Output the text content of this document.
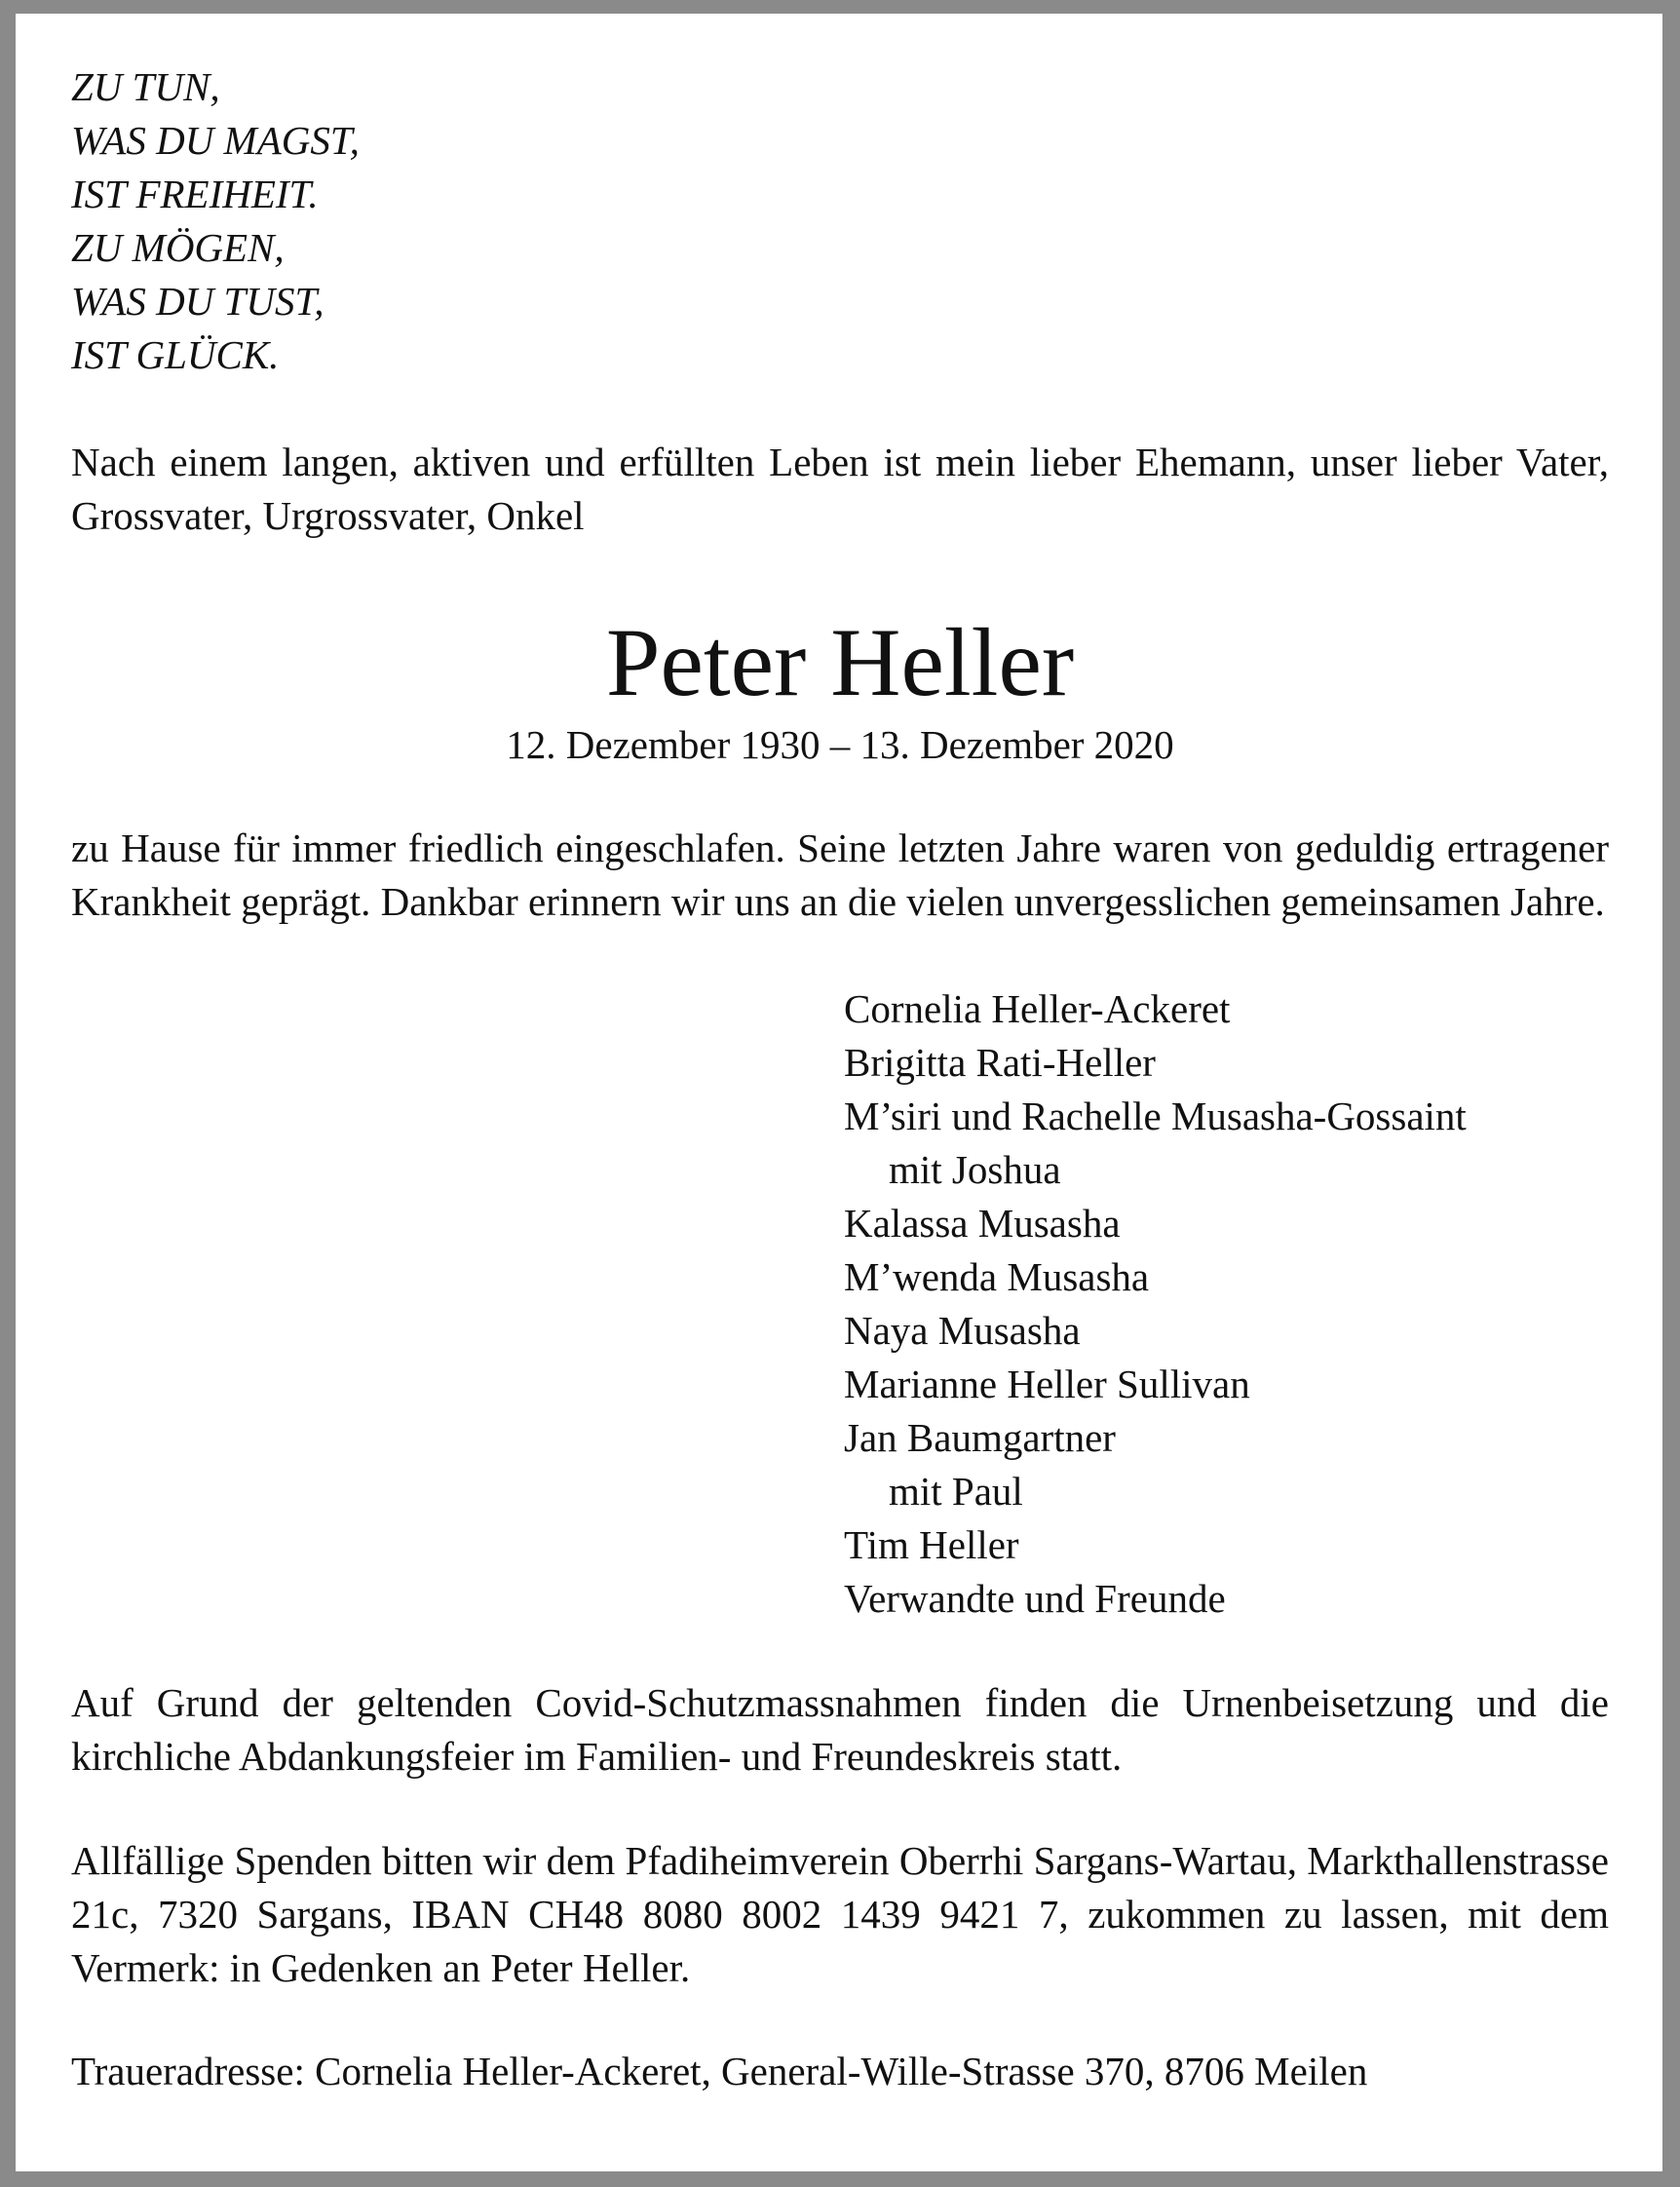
ZU TUN,
WAS DU MAGST,
IST FREIHEIT.
ZU MÖGEN,
WAS DU TUST,
IST GLÜCK.

Nach einem langen, aktiven und erfüllten Leben ist mein lieber Ehemann, unser lieber Vater, Grossvater, Urgrossvater, Onkel

Peter Heller
12. Dezember 1930 – 13. Dezember 2020

zu Hause für immer friedlich eingeschlafen. Seine letzten Jahre waren von geduldig ertragener Krankheit geprägt. Dankbar erinnern wir uns an die vielen unvergesslichen gemeinsamen Jahre.

Cornelia Heller-Ackeret
Brigitta Rati-Heller
M’siri und Rachelle Musasha-Gossaint
mit Joshua
Kalassa Musasha
M’wenda Musasha
Naya Musasha
Marianne Heller Sullivan
Jan Baumgartner
mit Paul
Tim Heller
Verwandte und Freunde

Auf Grund der geltenden Covid-Schutzmassnahmen finden die Urnenbeisetzung und die kirchliche Abdankungsfeier im Familien- und Freundeskreis statt.

Allfällige Spenden bitten wir dem Pfadiheimverein Oberrhi Sargans-Wartau, Markthallenstrasse 21c, 7320 Sargans, IBAN CH48 8080 8002 1439 9421 7, zukommen zu lassen, mit dem Vermerk: in Gedenken an Peter Heller.

Traueradresse: Cornelia Heller-Ackeret, General-Wille-Strasse 370, 8706 Meilen
